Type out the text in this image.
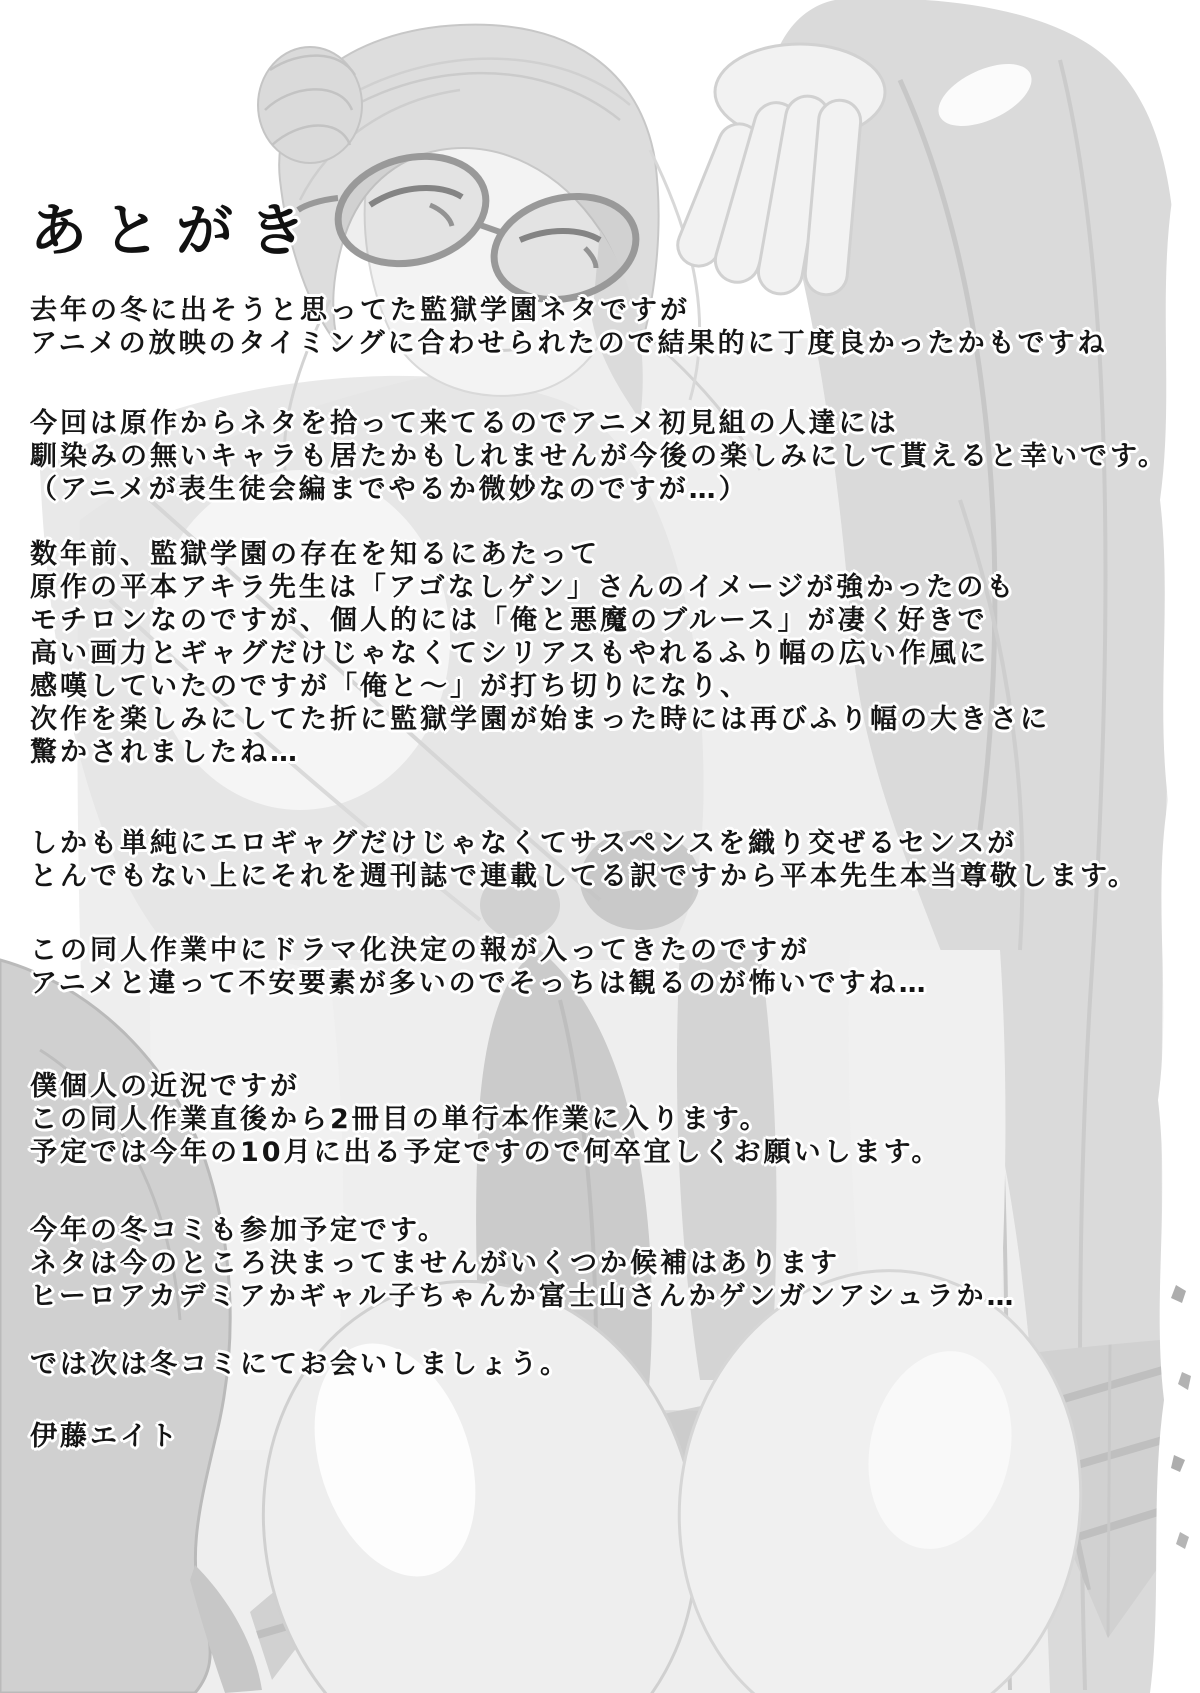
あとがき
去年の冬に出そうと思ってた監獄学園ネタですが
アニメの放映のタイミングに合わせられたので結果的に丁度良かったかもですね
今回は原作からネタを拾って来てるのでアニメ初見組の人達には
馴染みの無いキャラも居たかもしれませんが今後の楽しみにして貰えると幸いです。
（アニメが表生徒会編までやるか微妙なのですが…）
数年前、監獄学園の存在を知るにあたって
原作の平本アキラ先生は「アゴなしゲン」さんのイメージが強かったのも
モチロンなのですが、個人的には「俺と悪魔のブルース」が凄く好きで
高い画力とギャグだけじゃなくてシリアスもやれるふり幅の広い作風に
感嘆していたのですが「俺と～」が打ち切りになり、
次作を楽しみにしてた折に監獄学園が始まった時には再びふり幅の大きさに
驚かされましたね…
しかも単純にエロギャグだけじゃなくてサスペンスを織り交ぜるセンスが
とんでもない上にそれを週刊誌で連載してる訳ですから平本先生本当尊敬します。
この同人作業中にドラマ化決定の報が入ってきたのですが
アニメと違って不安要素が多いのでそっちは観るのが怖いですね…
僕個人の近況ですが
この同人作業直後から2冊目の単行本作業に入ります。
予定では今年の10月に出る予定ですので何卒宜しくお願いします。
今年の冬コミも参加予定です。
ネタは今のところ決まってませんがいくつか候補はあります
ヒーロアカデミアかギャル子ちゃんか富士山さんかゲンガンアシュラか…
では次は冬コミにてお会いしましょう。
伊藤エイト
